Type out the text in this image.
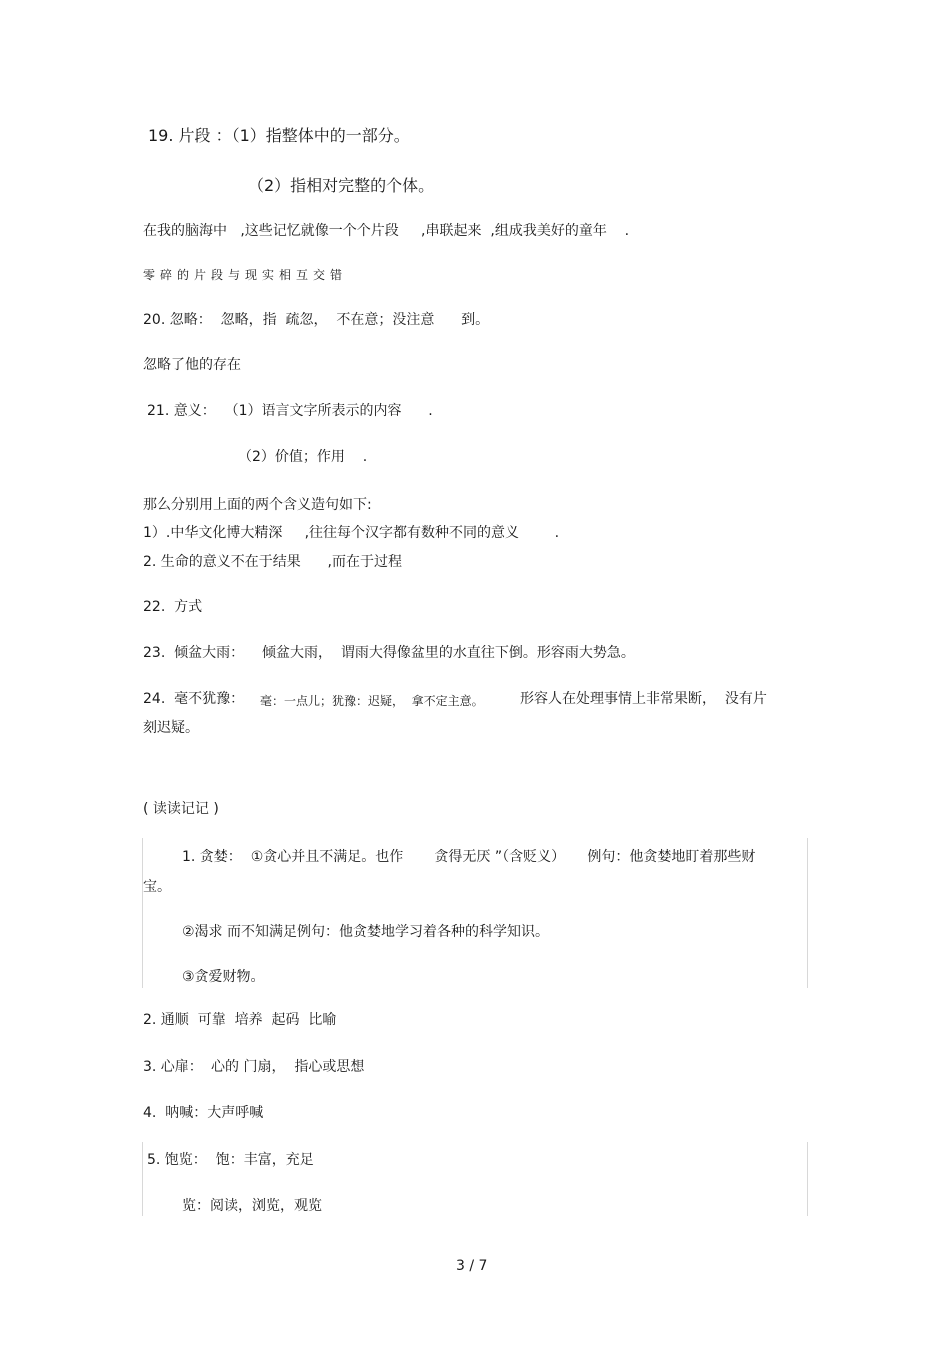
19. 片段 ：（1）指整体中的一部分。
（2）指相对完整的个体。
在我的脑海中   ,这些记忆就像一个个片段     ,串联起来  ,组成我美好的童年    .
零碎的片段与现实相互交错
20. 忽略：  忽略，指  疏忽，  不在意；没注意      到。
忽略了他的存在
21. 意义：  （1）语言文字所表示的内容      .
（2）价值；作用    .
那么分别用上面的两个含义造句如下:
1）.中华文化博大精深     ,往往每个汉字都有数种不同的意义        .
2. 生命的意义不在于结果      ,而在于过程
22.  方式
23.  倾盆大雨：    倾盆大雨，  谓雨大得像盆里的水直往下倒。形容雨大势急。
24.  毫不犹豫： 毫：一点儿；犹豫：迟疑，  拿不定主意。	形容人在处理事情上非常果断，  没有片
刻迟疑。
( 读读记记 )
1. 贪婪：  ①贪心并且不满足。也作       贪得无厌 ”（含贬义）     例句：他贪婪地盯着那些财
宝。
②渴求 而不知满足例句：他贪婪地学习着各种的科学知识。
③贪爱财物。
2. 通顺  可靠  培养  起码  比喻
3. 心扉： 心的 门扇，  指心或思想
4.  呐喊：大声呼喊
5. 饱览：  饱：丰富，充足
览：阅读，浏览，观览
3 / 7
